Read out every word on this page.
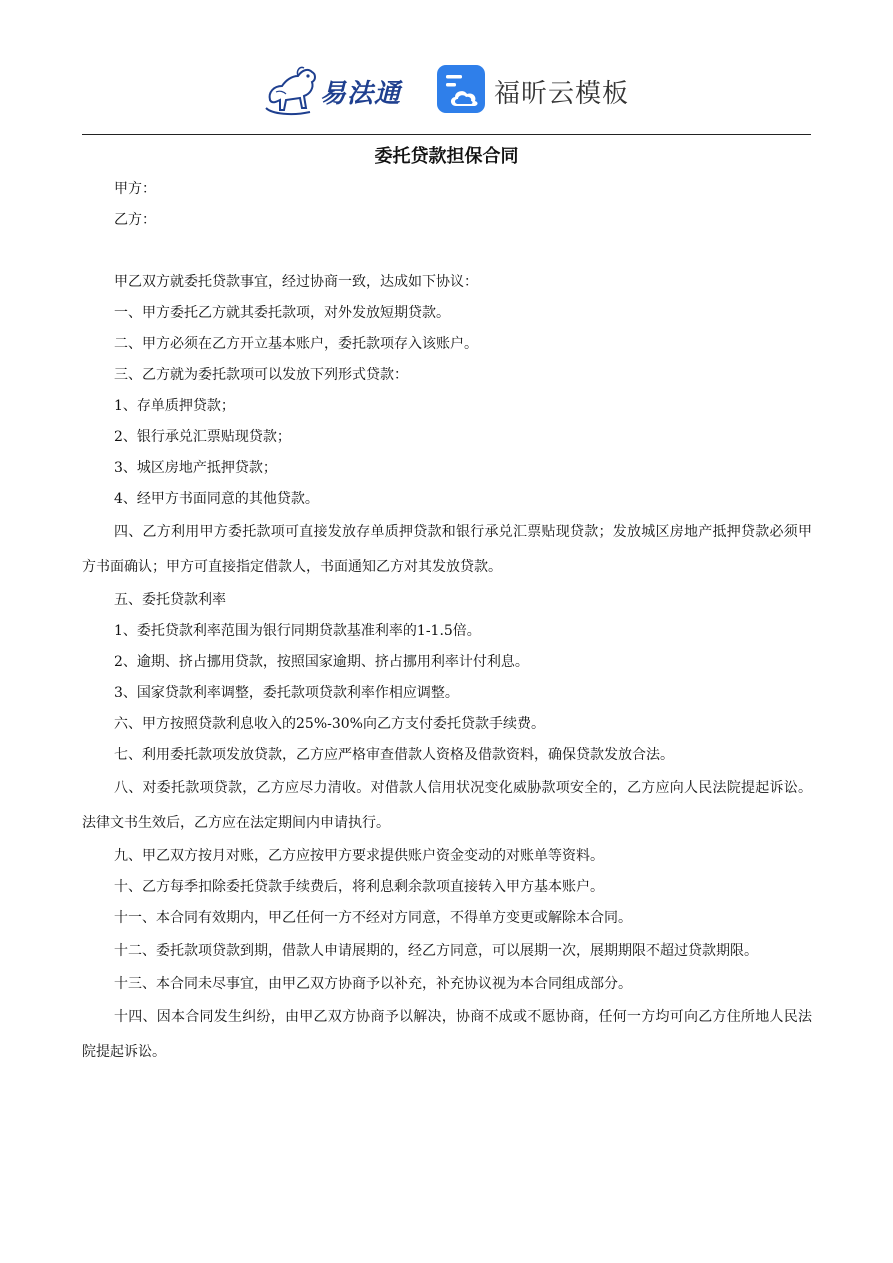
易法通	福昕云模板
委托贷款担保合同

甲方：

乙方：

甲乙双方就委托贷款事宜，经过协商一致，达成如下协议：

一、甲方委托乙方就其委托款项，对外发放短期贷款。

二、甲方必须在乙方开立基本账户，委托款项存入该账户。

三、乙方就为委托款项可以发放下列形式贷款：

1、存单质押贷款；

2、银行承兑汇票贴现贷款；

3、城区房地产抵押贷款；

4、经甲方书面同意的其他贷款。

四、乙方利用甲方委托款项可直接发放存单质押贷款和银行承兑汇票贴现贷款；发放城区房地产抵押贷款必须甲方书面确认；甲方可直接指定借款人，书面通知乙方对其发放贷款。

五、委托贷款利率

1、委托贷款利率范围为银行同期贷款基准利率的1-1.5倍。

2、逾期、挤占挪用贷款，按照国家逾期、挤占挪用利率计付利息。

3、国家贷款利率调整，委托款项贷款利率作相应调整。

六、甲方按照贷款利息收入的25%-30%向乙方支付委托贷款手续费。

七、利用委托款项发放贷款，乙方应严格审查借款人资格及借款资料，确保贷款发放合法。

八、对委托款项贷款，乙方应尽力清收。对借款人信用状况变化威胁款项安全的，乙方应向人民法院提起诉讼。法律文书生效后，乙方应在法定期间内申请执行。

九、甲乙双方按月对账，乙方应按甲方要求提供账户资金变动的对账单等资料。

十、乙方每季扣除委托贷款手续费后，将利息剩余款项直接转入甲方基本账户。

十一、本合同有效期内，甲乙任何一方不经对方同意，不得单方变更或解除本合同。

十二、委托款项贷款到期，借款人申请展期的，经乙方同意，可以展期一次，展期期限不超过贷款期限。

十三、本合同未尽事宜，由甲乙双方协商予以补充，补充协议视为本合同组成部分。

十四、因本合同发生纠纷，由甲乙双方协商予以解决，协商不成或不愿协商，任何一方均可向乙方住所地人民法院提起诉讼。
